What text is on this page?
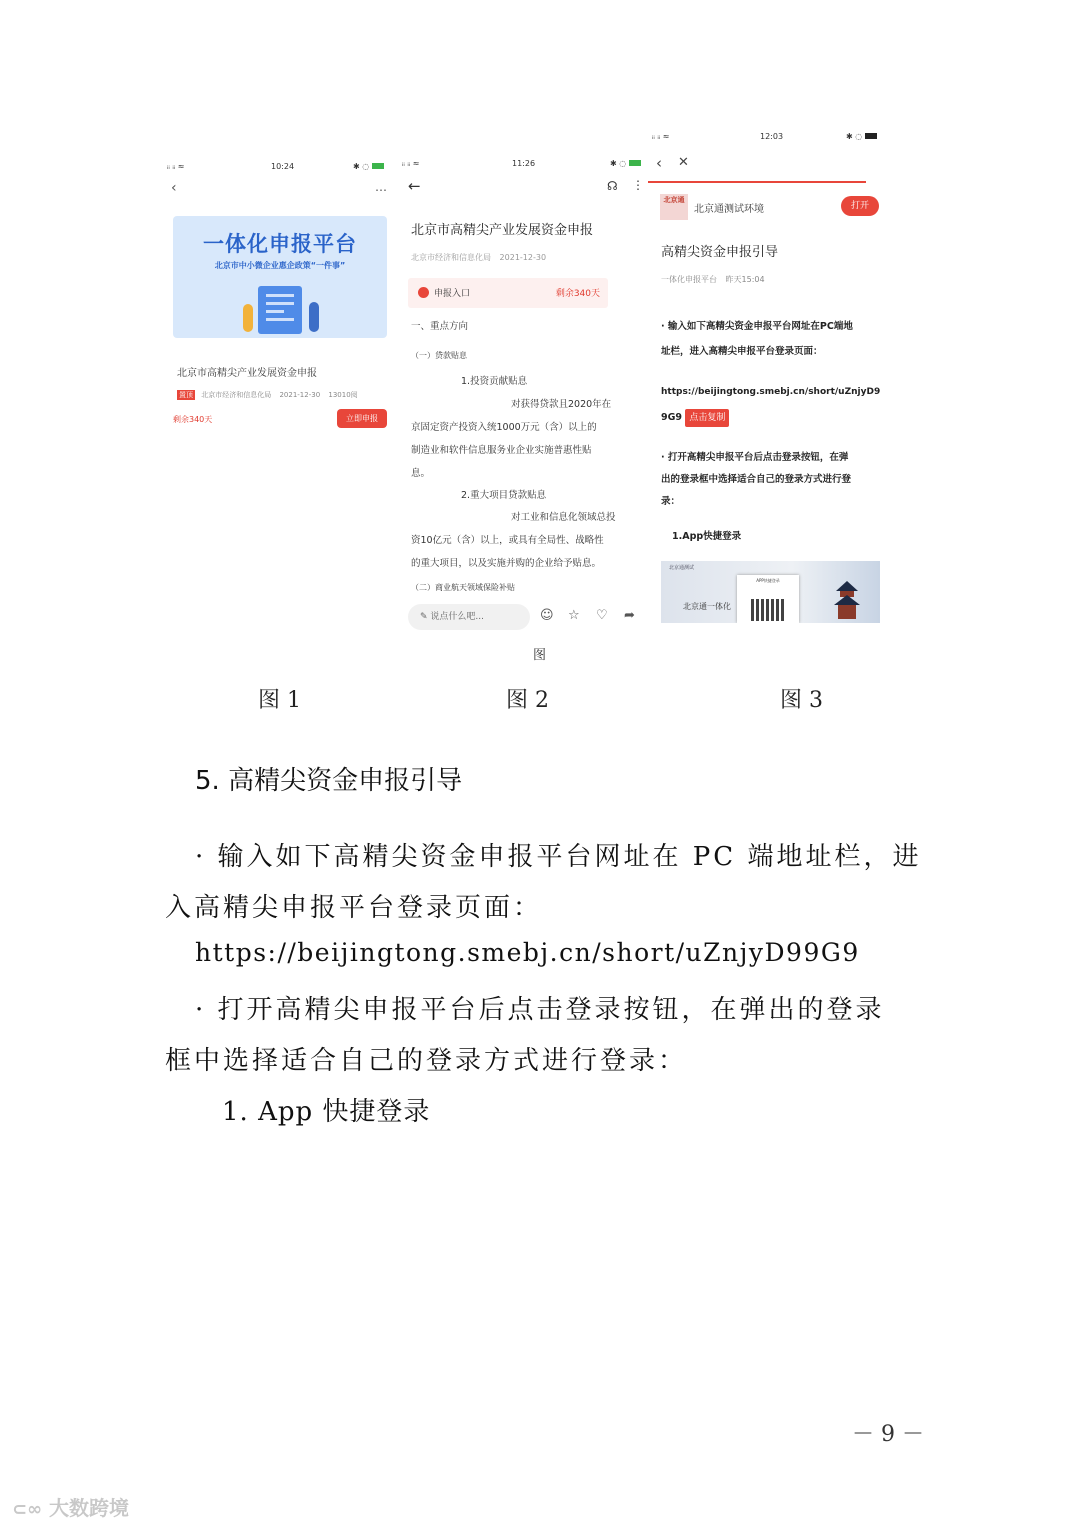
ᵢᵢ ᵢᵢ ≈	10:24	✱ ◌
‹	…
一体化申报平台
北京市中小微企业惠企政策“一件事”
北京市高精尖产业发展资金申报
置顶 北京市经济和信息化局 2021-12-30 13010阅
剩余340天	立即申报
ᵢᵢ ᵢᵢ ≈	11:26	✱ ◌
←	☊ ⋮
北京市高精尖产业发展资金申报
北京市经济和信息化局 2021-12-30
申报入口	剩余340天
一、重点方向
（一）贷款贴息
1.投资贡献贴息
对获得贷款且2020年在
京固定资产投资入统1000万元（含）以上的
制造业和软件信息服务业企业实施普惠性贴
息。
2.重大项目贷款贴息
对工业和信息化领域总投
资10亿元（含）以上，或具有全局性、战略性
的重大项目，以及实施并购的企业给予贴息。
（二）商业航天领域保险补贴
✎ 说点什么吧...	☺ ☆ ♡ ➦
图
ᵢᵢ ᵢᵢ ≈	12:03	✱ ◌
‹ ✕
北京通
北京通测试环境	打开
高精尖资金申报引导
一体化申报平台 昨天15:04
· 输入如下高精尖资金申报平台网址在PC端地
址栏，进入高精尖申报平台登录页面：
https://beijingtong.smebj.cn/short/uZnjyD9
9G9 点击复制
· 打开高精尖申报平台后点击登录按钮，在弹
出的登录框中选择适合自己的登录方式进行登
录：
1.App快捷登录
北京通测试
北京通一体化
APP快捷登录
图 1	图 2	图 3
5. 高精尖资金申报引导
· 输入如下高精尖资金申报平台网址在 PC 端地址栏，进
入高精尖申报平台登录页面：
https://beijingtong.smebj.cn/short/uZnjyD99G9
· 打开高精尖申报平台后点击登录按钮，在弹出的登录
框中选择适合自己的登录方式进行登录：
1. App 快捷登录
－ 9 －
⊂∞ 大数跨境
